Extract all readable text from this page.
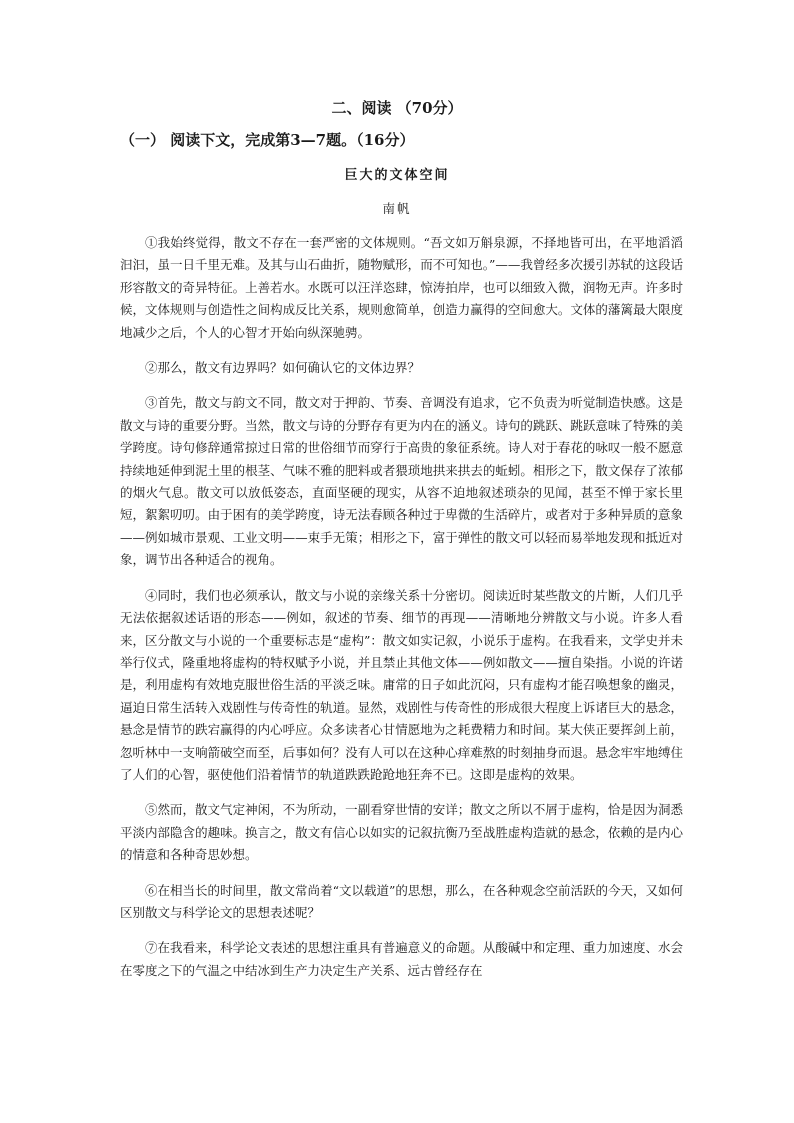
二、阅读 （70分）
（一） 阅读下文，完成第3—7题。（16分）
巨大的文体空间
南帆

①我始终觉得，散文不存在一套严密的文体规则。“吾文如万斛泉源，不择地皆可出，在平地滔滔汩汩，虽一日千里无难。及其与山石曲折，随物赋形，而不可知也。”——我曾经多次援引苏轼的这段话形容散文的奇异特征。上善若水。水既可以汪洋恣肆，惊涛拍岸，也可以细致入微，润物无声。许多时候，文体规则与创造性之间构成反比关系，规则愈简单，创造力赢得的空间愈大。文体的藩篱最大限度地减少之后，个人的心智才开始向纵深驰骋。

②那么，散文有边界吗？如何确认它的文体边界？

③首先，散文与韵文不同，散文对于押韵、节奏、音调没有追求，它不负责为听觉制造快感。这是散文与诗的重要分野。当然，散文与诗的分野存有更为内在的涵义。诗句的跳跃、跳跃意味了特殊的美学跨度。诗句修辞通常掠过日常的世俗细节而穿行于高贵的象征系统。诗人对于春花的咏叹一般不愿意持续地延伸到泥土里的根茎、气味不雅的肥料或者猥琐地拱来拱去的蚯蚓。相形之下，散文保存了浓郁的烟火气息。散文可以放低姿态，直面坚硬的现实，从容不迫地叙述琐杂的见闻，甚至不惮于家长里短，絮絮叨叨。由于困有的美学跨度，诗无法春顾各种过于卑微的生活碎片，或者对于多种异质的意象——例如城市景观、工业文明——束手无策；相形之下，富于弹性的散文可以轻而易举地发现和抵近对象，调节出各种适合的视角。

④同时，我们也必须承认，散文与小说的亲缘关系十分密切。阅读近时某些散文的片断，人们几乎无法依据叙述话语的形态——例如，叙述的节奏、细节的再现——清晰地分辨散文与小说。许多人看来，区分散文与小说的一个重要标志是“虚构”：散文如实记叙，小说乐于虚构。在我看来，文学史并未举行仪式，隆重地将虚构的特权赋予小说，并且禁止其他文体——例如散文——擅自染指。小说的许诺是，利用虚构有效地克服世俗生活的平淡乏味。庸常的日子如此沉闷，只有虚构才能召唤想象的幽灵，逼迫日常生活转入戏剧性与传奇性的轨道。显然，戏剧性与传奇性的形成很大程度上诉诸巨大的悬念，悬念是情节的跌宕赢得的内心呼应。众多读者心甘情愿地为之耗费精力和时间。某大侠正要挥剑上前，忽听林中一支响箭破空而至，后事如何？没有人可以在这种心痒难熬的时刻抽身而退。悬念牢牢地缚住了人们的心智，驱使他们沿着情节的轨道跌跌跄跄地狂奔不已。这即是虚构的效果。

⑤然而，散文气定神闲，不为所动，一副看穿世情的安详；散文之所以不屑于虚构，恰是因为洞悉平淡内部隐含的趣味。换言之，散文有信心以如实的记叙抗衡乃至战胜虚构造就的悬念，依赖的是内心的情意和各种奇思妙想。

⑥在相当长的时间里，散文常尚着“文以载道”的思想，那么，在各种观念空前活跃的今天，又如何区别散文与科学论文的思想表述呢？

⑦在我看来，科学论文表述的思想注重具有普遍意义的命题。从酸碱中和定理、重力加速度、水会在零度之下的气温之中结冰到生产力决定生产关系、远古曾经存在
